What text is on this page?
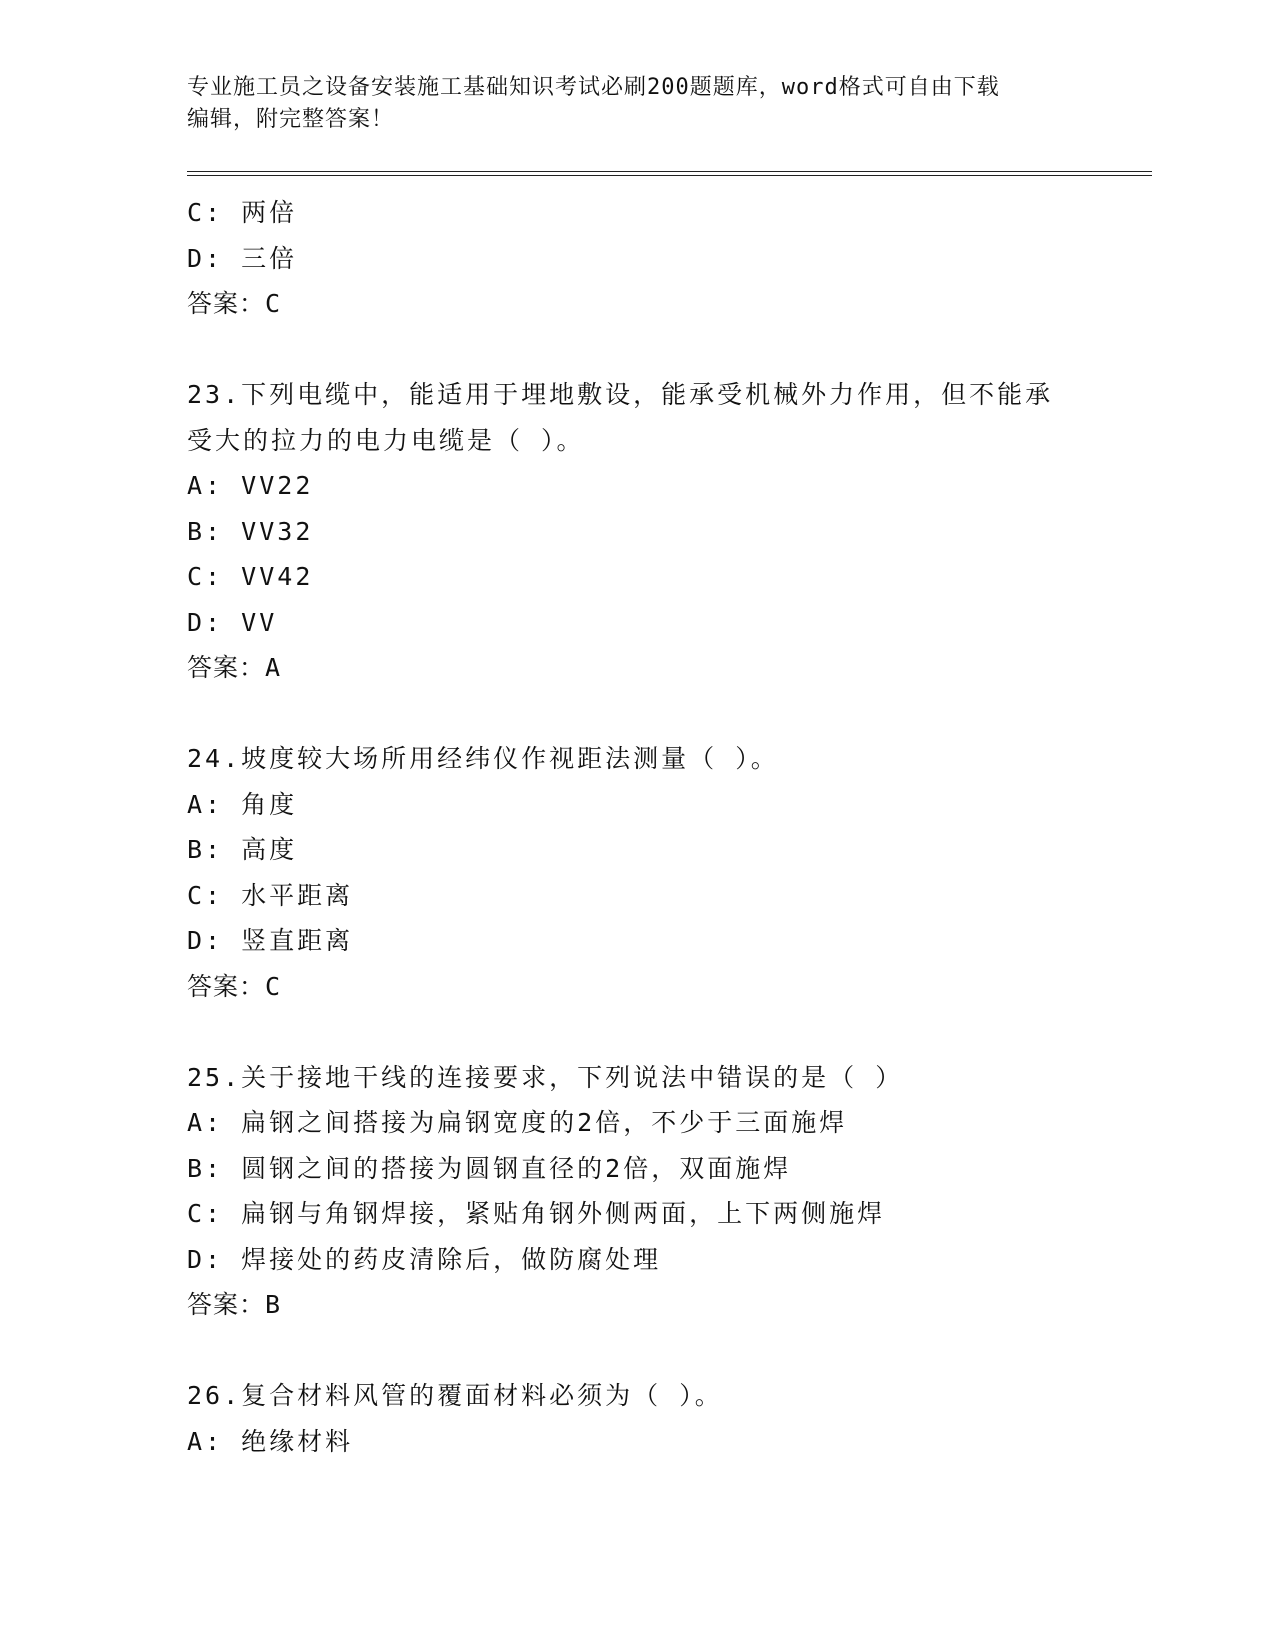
专业施工员之设备安装施工基础知识考试必刷200题题库，word格式可自由下载
编辑，附完整答案！
C: 两倍
D: 三倍
答案：C
23.下列电缆中，能适用于埋地敷设，能承受机械外力作用，但不能承
受大的拉力的电力电缆是（ ）。
A: VV22
B: VV32
C: VV42
D: VV
答案：A
24.坡度较大场所用经纬仪作视距法测量（ ）。
A: 角度
B: 高度
C: 水平距离
D: 竖直距离
答案：C
25.关于接地干线的连接要求，下列说法中错误的是（ ）
A: 扁钢之间搭接为扁钢宽度的2倍，不少于三面施焊
B: 圆钢之间的搭接为圆钢直径的2倍，双面施焊
C: 扁钢与角钢焊接，紧贴角钢外侧两面，上下两侧施焊
D: 焊接处的药皮清除后，做防腐处理
答案：B
26.复合材料风管的覆面材料必须为（ ）。
A: 绝缘材料
